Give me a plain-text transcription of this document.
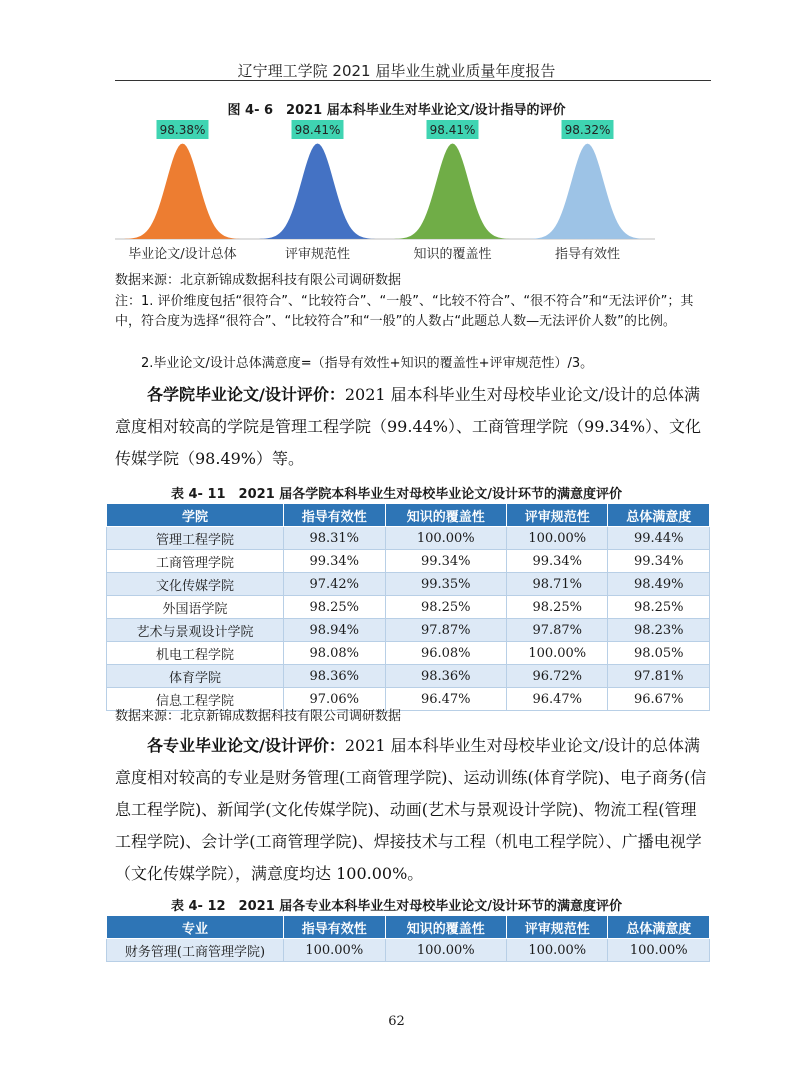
辽宁理工学院 2021 届毕业生就业质量年度报告
图 4- 6　2021 届本科毕业生对毕业论文/设计指导的评价
98.38%
毕业论文/设计总体
98.41%
评审规范性
98.41%
知识的覆盖性
98.32%
指导有效性
数据来源：北京新锦成数据科技有限公司调研数据
注：1. 评价维度包括“很符合”、“比较符合”、“一般”、“比较不符合”、“很不符合”和“无法评价”；其中，符合度为选择“很符合”、“比较符合”和“一般”的人数占“此题总人数—无法评价人数”的比例。
2.毕业论文/设计总体满意度=（指导有效性+知识的覆盖性+评审规范性）/3。

各学院毕业论文/设计评价：2021 届本科毕业生对母校毕业论文/设计的总体满意度相对较高的学院是管理工程学院（99.44%）、工商管理学院（99.34%）、文化传媒学院（98.49%）等。

表 4- 11　2021 届各学院本科毕业生对母校毕业论文/设计环节的满意度评价
学院	指导有效性	知识的覆盖性	评审规范性	总体满意度
管理工程学院	98.31%	100.00%	100.00%	99.44%
工商管理学院	99.34%	99.34%	99.34%	99.34%
文化传媒学院	97.42%	99.35%	98.71%	98.49%
外国语学院	98.25%	98.25%	98.25%	98.25%
艺术与景观设计学院	98.94%	97.87%	97.87%	98.23%
机电工程学院	98.08%	96.08%	100.00%	98.05%
体育学院	98.36%	98.36%	96.72%	97.81%
信息工程学院	97.06%	96.47%	96.47%	96.67%
数据来源：北京新锦成数据科技有限公司调研数据

各专业毕业论文/设计评价：2021 届本科毕业生对母校毕业论文/设计的总体满意度相对较高的专业是财务管理(工商管理学院)、运动训练(体育学院)、电子商务(信息工程学院)、新闻学(文化传媒学院)、动画(艺术与景观设计学院)、物流工程(管理工程学院)、会计学(工商管理学院)、焊接技术与工程（机电工程学院）、广播电视学（文化传媒学院），满意度均达 100.00%。

表 4- 12　2021 届各专业本科毕业生对母校毕业论文/设计环节的满意度评价
专业	指导有效性	知识的覆盖性	评审规范性	总体满意度
财务管理(工商管理学院)	100.00%	100.00%	100.00%	100.00%
62
